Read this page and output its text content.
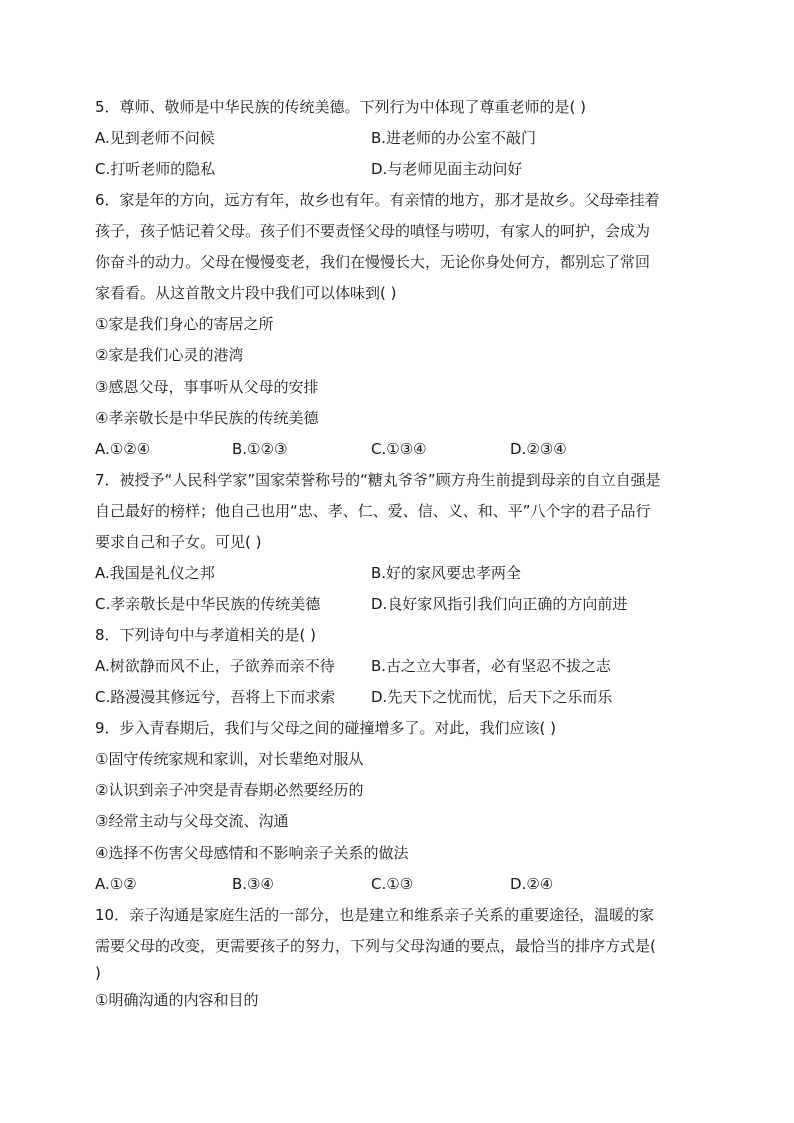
5．尊师、敬师是中华民族的传统美德。下列行为中体现了尊重老师的是( )
A.见到老师不问候	B.进老师的办公室不敲门
C.打听老师的隐私	D.与老师见面主动问好
6．家是年的方向，远方有年，故乡也有年。有亲情的地方，那才是故乡。父母牵挂着
孩子，孩子惦记着父母。孩子们不要责怪父母的嗔怪与唠叨，有家人的呵护，会成为
你奋斗的动力。父母在慢慢变老，我们在慢慢长大，无论你身处何方，都别忘了常回
家看看。从这首散文片段中我们可以体味到( )
①家是我们身心的寄居之所
②家是我们心灵的港湾
③感恩父母，事事听从父母的安排
④孝亲敬长是中华民族的传统美德
A.①②④	B.①②③	C.①③④	D.②③④
7．被授予“人民科学家”国家荣誉称号的“糖丸爷爷”顾方舟生前提到母亲的自立自强是
自己最好的榜样；他自己也用“忠、孝、仁、爱、信、义、和、平”八个字的君子品行
要求自己和子女。可见( )
A.我国是礼仪之邦	B.好的家风要忠孝两全
C.孝亲敬长是中华民族的传统美德	D.良好家风指引我们向正确的方向前进
8．下列诗句中与孝道相关的是( )
A.树欲静而风不止，子欲养而亲不待 B.古之立大事者，必有坚忍不拔之志
C.路漫漫其修远兮，吾将上下而求索 D.先天下之忧而忧，后天下之乐而乐
9．步入青春期后，我们与父母之间的碰撞增多了。对此，我们应该( )
①固守传统家规和家训，对长辈绝对服从
②认识到亲子冲突是青春期必然要经历的
③经常主动与父母交流、沟通
④选择不伤害父母感情和不影响亲子关系的做法
A.①②	B.③④	C.①③	D.②④
10．亲子沟通是家庭生活的一部分，也是建立和维系亲子关系的重要途径，温暖的家
需要父母的改变，更需要孩子的努力，下列与父母沟通的要点，最恰当的排序方式是(
)
①明确沟通的内容和目的
